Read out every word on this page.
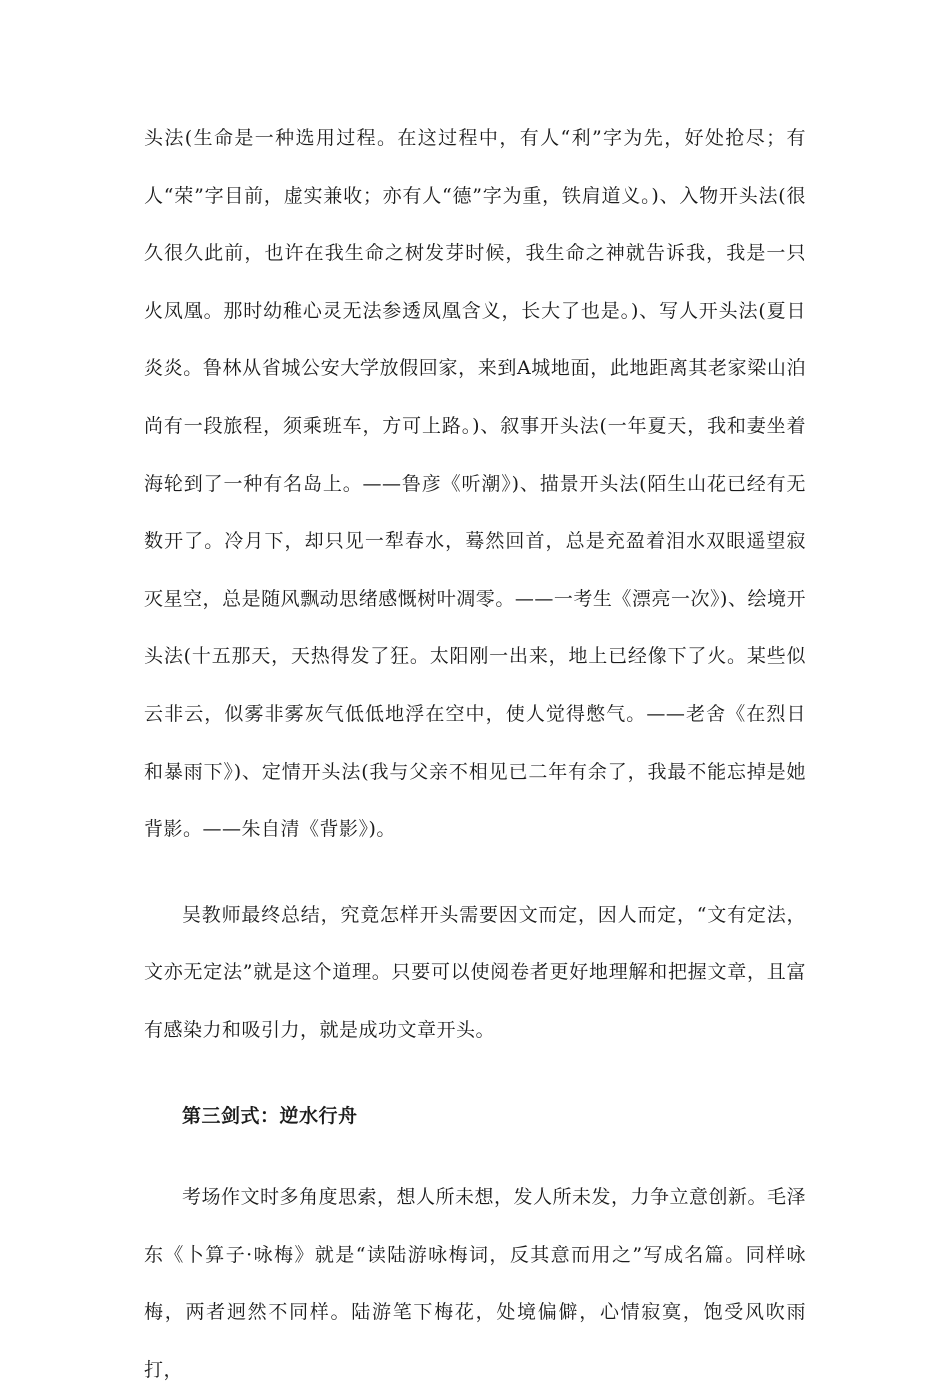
头法(生命是一种选用过程。在这过程中，有人“利”字为先，好处抢尽；有人“荣”字目前，虚实兼收；亦有人“德”字为重，铁肩道义。)、入物开头法(很久很久此前，也许在我生命之树发芽时候，我生命之神就告诉我，我是一只火凤凰。那时幼稚心灵无法参透凤凰含义，长大了也是。)、写人开头法(夏日炎炎。鲁林从省城公安大学放假回家，来到A城地面，此地距离其老家梁山泊尚有一段旅程，须乘班车，方可上路。)、叙事开头法(一年夏天，我和妻坐着海轮到了一种有名岛上。——鲁彦《听潮》)、描景开头法(陌生山花已经有无数开了。冷月下，却只见一犁春水，蓦然回首，总是充盈着泪水双眼遥望寂灭星空，总是随风飘动思绪感慨树叶凋零。——一考生《漂亮一次》)、绘境开头法(十五那天，天热得发了狂。太阳刚一出来，地上已经像下了火。某些似云非云，似雾非雾灰气低低地浮在空中，使人觉得憋气。——老舍《在烈日和暴雨下》)、定情开头法(我与父亲不相见已二年有余了，我最不能忘掉是她背影。——朱自清《背影》)。

吴教师最终总结，究竟怎样开头需要因文而定，因人而定，“文有定法，文亦无定法”就是这个道理。只要可以使阅卷者更好地理解和把握文章，且富有感染力和吸引力，就是成功文章开头。

第三剑式：逆水行舟

考场作文时多角度思索，想人所未想，发人所未发，力争立意创新。毛泽东《卜算子·咏梅》就是“读陆游咏梅词，反其意而用之”写成名篇。同样咏梅，两者迥然不同样。陆游笔下梅花，处境偏僻，心情寂寞，饱受风吹雨打，
